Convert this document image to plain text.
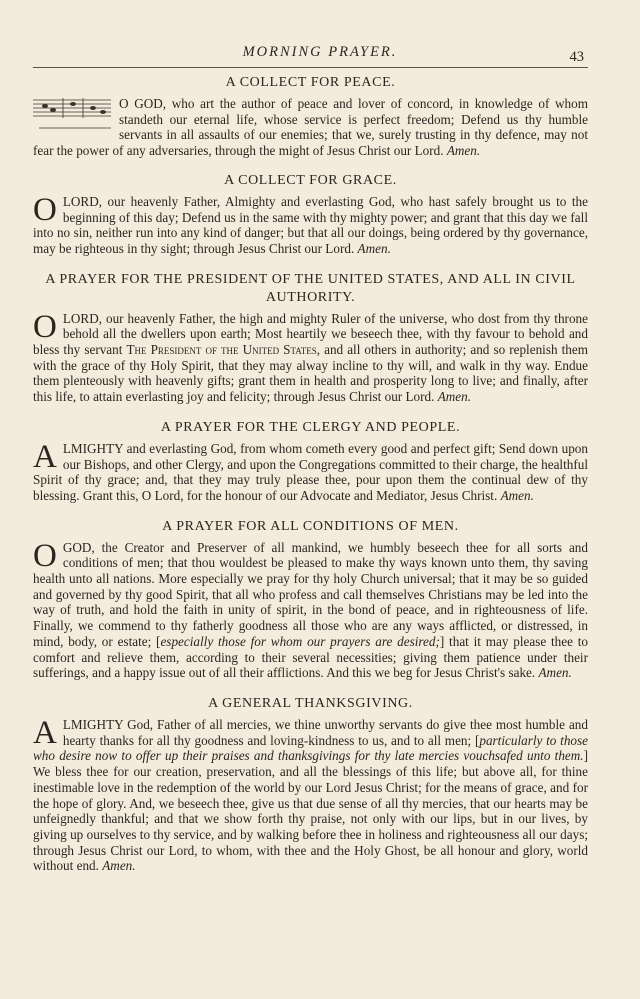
MORNING PRAYER.	43

A COLLECT FOR PEACE.

O GOD, who art the author of peace and lover of concord, in knowledge of whom standeth our eternal life, whose service is perfect freedom; Defend us thy humble servants in all assaults of our enemies; that we, surely trusting in thy defence, may not fear the power of any adversaries, through the might of Jesus Christ our Lord. Amen.

A COLLECT FOR GRACE.

OLORD, our heavenly Father, Almighty and everlasting God, who hast safely brought us to the beginning of this day; Defend us in the same with thy mighty power; and grant that this day we fall into no sin, neither run into any kind of danger; but that all our doings, being ordered by thy governance, may be righteous in thy sight; through Jesus Christ our Lord. Amen.

A PRAYER FOR THE PRESIDENT OF THE UNITED STATES, AND ALL IN CIVIL AUTHORITY.

OLORD, our heavenly Father, the high and mighty Ruler of the universe, who dost from thy throne behold all the dwellers upon earth; Most heartily we beseech thee, with thy favour to behold and bless thy servant The President of the United States, and all others in authority; and so replenish them with the grace of thy Holy Spirit, that they may alway incline to thy will, and walk in thy way. Endue them plenteously with heavenly gifts; grant them in health and prosperity long to live; and finally, after this life, to attain everlasting joy and felicity; through Jesus Christ our Lord. Amen.

A PRAYER FOR THE CLERGY AND PEOPLE.

ALMIGHTY and everlasting God, from whom cometh every good and perfect gift; Send down upon our Bishops, and other Clergy, and upon the Congregations committed to their charge, the healthful Spirit of thy grace; and, that they may truly please thee, pour upon them the continual dew of thy blessing. Grant this, O Lord, for the honour of our Advocate and Mediator, Jesus Christ. Amen.

A PRAYER FOR ALL CONDITIONS OF MEN.

OGOD, the Creator and Preserver of all mankind, we humbly beseech thee for all sorts and conditions of men; that thou wouldest be pleased to make thy ways known unto them, thy saving health unto all nations. More especially we pray for thy holy Church universal; that it may be so guided and governed by thy good Spirit, that all who profess and call themselves Christians may be led into the way of truth, and hold the faith in unity of spirit, in the bond of peace, and in righteousness of life. Finally, we commend to thy fatherly goodness all those who are any ways afflicted, or distressed, in mind, body, or estate; [especially those for whom our prayers are desired;] that it may please thee to comfort and relieve them, according to their several necessities; giving them patience under their sufferings, and a happy issue out of all their afflictions. And this we beg for Jesus Christ's sake. Amen.

A GENERAL THANKSGIVING.

ALMIGHTY God, Father of all mercies, we thine unworthy servants do give thee most humble and hearty thanks for all thy goodness and loving-kindness to us, and to all men; [particularly to those who desire now to offer up their praises and thanksgivings for thy late mercies vouchsafed unto them.] We bless thee for our creation, preservation, and all the blessings of this life; but above all, for thine inestimable love in the redemption of the world by our Lord Jesus Christ; for the means of grace, and for the hope of glory. And, we beseech thee, give us that due sense of all thy mercies, that our hearts may be unfeignedly thankful; and that we show forth thy praise, not only with our lips, but in our lives, by giving up ourselves to thy service, and by walking before thee in holiness and righteousness all our days; through Jesus Christ our Lord, to whom, with thee and the Holy Ghost, be all honour and glory, world without end. Amen.
